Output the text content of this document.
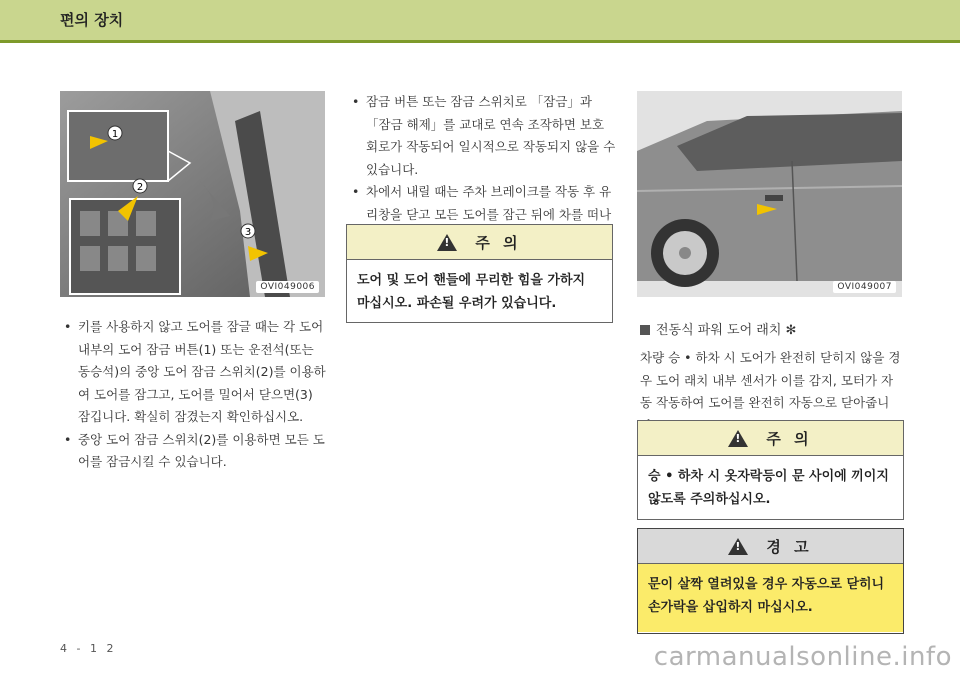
편의 장치
1
2
3
OVI049006	OVI049007
• 키를 사용하지 않고 도어를 잠글 때는 각 도어 내부의 도어 잠금 버튼(1) 또는 운전석(또는 동승석)의 중앙 도어 잠금 스위치(2)를 이용하여 도어를 잠그고, 도어를 밀어서 닫으면(3) 잠깁니다. 확실히 잠겼는지 확인하십시오.
• 중앙 도어 잠금 스위치(2)를 이용하면 모든 도어를 잠금시킬 수 있습니다.
• 잠금 버튼 또는 잠금 스위치로 「잠금」과 「잠금 해제」를 교대로 연속 조작하면 보호회로가 작동되어 일시적으로 작동되지 않을 수 있습니다.
• 차에서 내릴 때는 주차 브레이크를 작동 후 유리창을 닫고 모든 도어를 잠근 뒤에 차를 떠나
!
주 의
도어 및 도어 핸들에 무리한 힘을 가하지 마십시오. 파손될 우려가 있습니다.
전동식 파워 도어 래치 ✻
차량 승 • 하차 시 도어가 완전히 닫히지 않을 경우 도어 래치 내부 센서가 이를 감지, 모터가 자동 작동하여 도어를 완전히 자동으로 닫아줍니
!
주 의
승 • 하차 시 옷자락등이 문 사이에 끼이지 않도록 주의하십시오.
!
경 고
문이 살짝 열려있을 경우 자동으로 닫히니 손가락을 삽입하지 마십시오.
4 - 1 2	carmanualsonline.info
